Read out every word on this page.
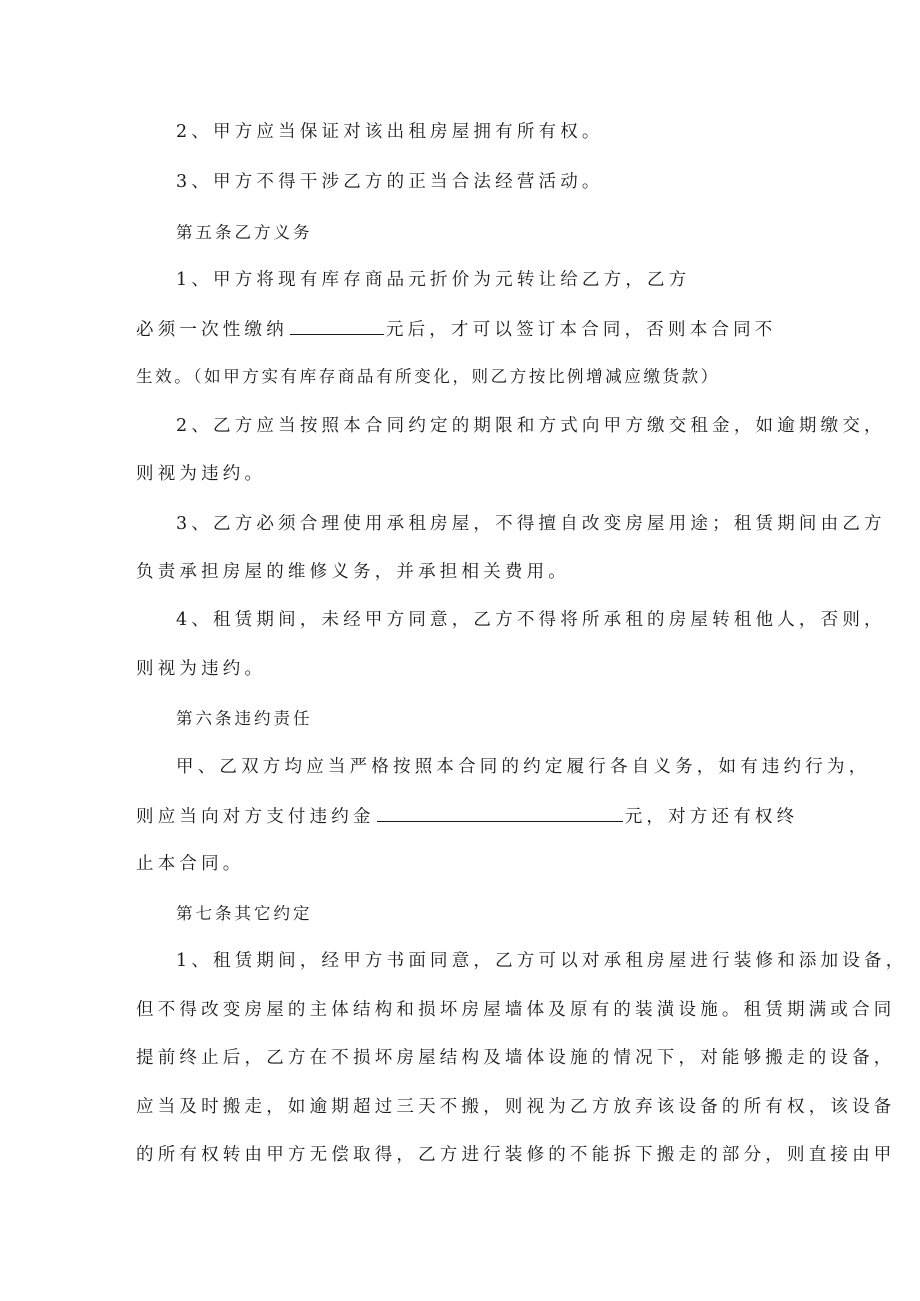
2、甲方应当保证对该出租房屋拥有所有权。
3、甲方不得干涉乙方的正当合法经营活动。
第五条乙方义务
1、甲方将现有库存商品元折价为元转让给乙方，乙方
必须一次性缴纳	元后，才可以签订本合同，否则本合同不
生效。（如甲方实有库存商品有所变化，则乙方按比例增减应缴货款）
2、乙方应当按照本合同约定的期限和方式向甲方缴交租金，如逾期缴交，
则视为违约。
3、乙方必须合理使用承租房屋，不得擅自改变房屋用途；租赁期间由乙方
负责承担房屋的维修义务，并承担相关费用。
4、租赁期间，未经甲方同意，乙方不得将所承租的房屋转租他人，否则，
则视为违约。
第六条违约责任
甲、乙双方均应当严格按照本合同的约定履行各自义务，如有违约行为，
则应当向对方支付违约金	元，对方还有权终
止本合同。
第七条其它约定
1、租赁期间，经甲方书面同意，乙方可以对承租房屋进行装修和添加设备，
但不得改变房屋的主体结构和损坏房屋墙体及原有的装潢设施。租赁期满或合同
提前终止后，乙方在不损坏房屋结构及墙体设施的情况下，对能够搬走的设备，
应当及时搬走，如逾期超过三天不搬，则视为乙方放弃该设备的所有权，该设备
的所有权转由甲方无偿取得，乙方进行装修的不能拆下搬走的部分，则直接由甲
